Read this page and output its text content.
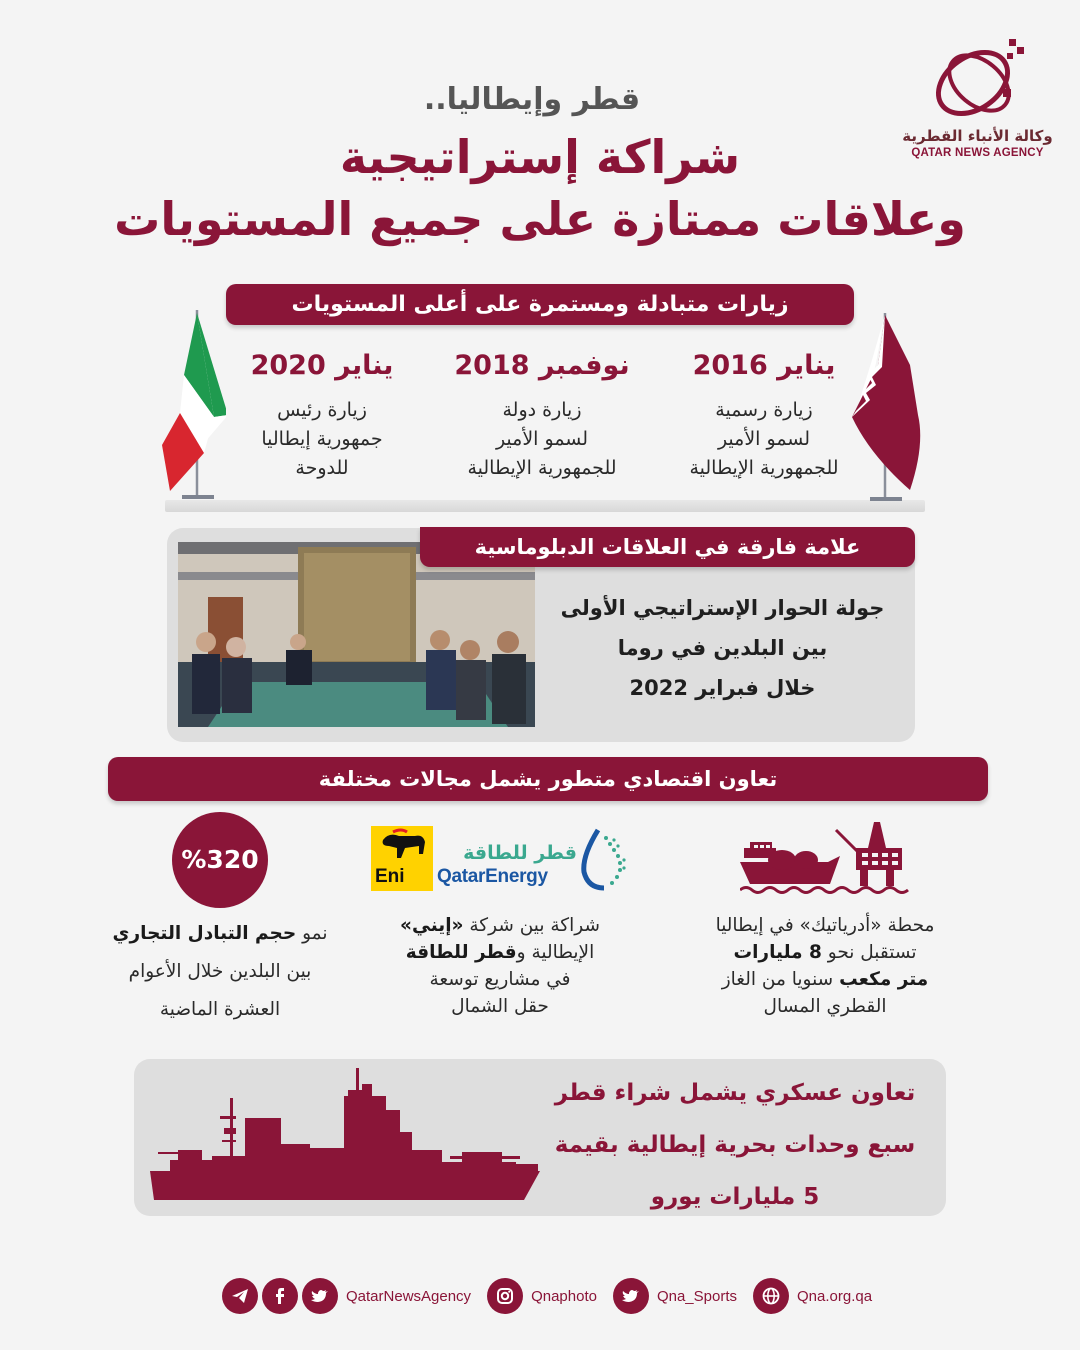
وكالة الأنباء القطرية
QATAR NEWS AGENCY
قطر وإيطاليا..
شراكة إستراتيجية
وعلاقات ممتازة على جميع المستويات
زيارات متبادلة ومستمرة على أعلى المستويات
يناير 2016
زيارة رسمية
لسمو الأمير
للجمهورية الإيطالية
نوفمبر 2018
زيارة دولة
لسمو الأمير
للجمهورية الإيطالية
يناير 2020
زيارة رئيس
جمهورية إيطاليا
للدوحة
علامة فارقة في العلاقات الدبلوماسية
جولة الحوار الإستراتيجي الأولى
بين البلدين في روما
خلال فبراير 2022
تعاون اقتصادي متطور يشمل مجالات مختلفة
محطة «أدرياتيك» في إيطاليا
تستقبل نحو 8 مليارات
متر مكعب سنويا من الغاز
القطري المسال
Eni
قطر للطاقة
QatarEnergy
شراكة بين شركة «إيني»
الإيطالية وقطر للطاقة
في مشاريع توسعة
حقل الشمال
%320
نمو حجم التبادل التجاري
بين البلدين خلال الأعوام
العشرة الماضية
تعاون عسكري يشمل شراء قطر
سبع وحدات بحرية إيطالية بقيمة
5 مليارات يورو
QatarNewsAgency	Qnaphoto	Qna_Sports	Qna.org.qa
